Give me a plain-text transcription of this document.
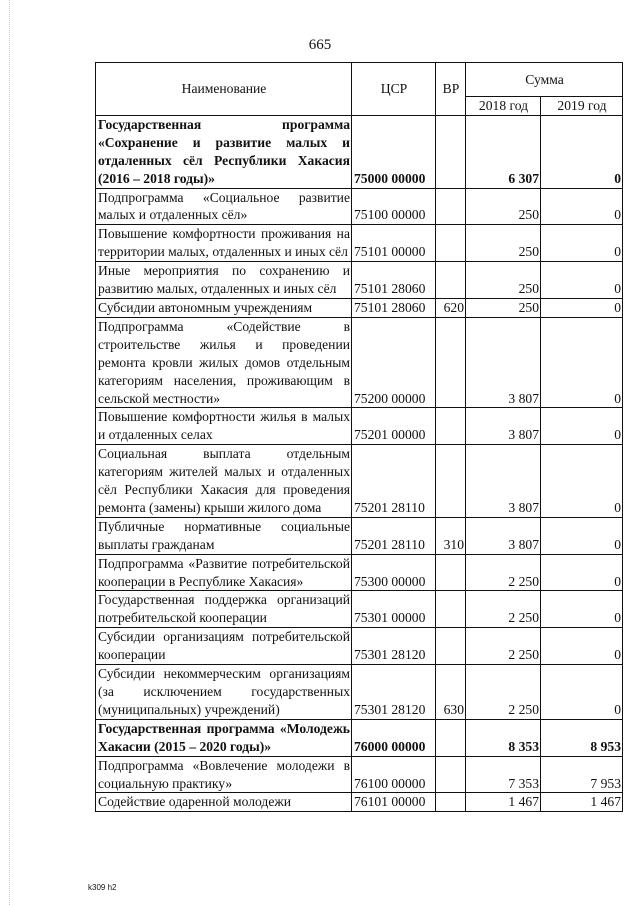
665
Наименование	ЦСР	ВР	Сумма	
			2018 год	2019 год
Государственная программа «Сохранение и развитие малых и отдаленных сёл Республики Хакасия (2016 – 2018 годы)»	75000 00000		6 307	0
Подпрограмма «Социальное развитие малых и отдаленных сёл»	75100 00000		250	0
Повышение комфортности проживания на территории малых, отдаленных и иных сёл	75101 00000		250	0
Иные мероприятия по сохранению и развитию малых, отдаленных и иных сёл	75101 28060		250	0
Субсидии автономным учреждениям	75101 28060	620	250	0
Подпрограмма «Содействие в строительстве жилья и проведении ремонта кровли жилых домов отдельным категориям населения, проживающим в сельской местности»	75200 00000		3 807	0
Повышение комфортности жилья в малых и отдаленных селах	75201 00000		3 807	0
Социальная выплата отдельным категориям жителей малых и отдаленных сёл Республики Хакасия для проведения ремонта (замены) крыши жилого дома	75201 28110		3 807	0
Публичные нормативные социальные выплаты гражданам	75201 28110	310	3 807	0
Подпрограмма «Развитие потребительской кооперации в Республике Хакасия»	75300 00000		2 250	0
Государственная поддержка организаций потребительской кооперации	75301 00000		2 250	0
Субсидии организациям потребительской кооперации	75301 28120		2 250	0
Субсидии некоммерческим организациям (за исключением государственных (муниципальных) учреждений)	75301 28120	630	2 250	0
Государственная программа «Молодежь Хакасии (2015 – 2020 годы)»	76000 00000		8 353	8 953
Подпрограмма «Вовлечение молодежи в социальную практику»	76100 00000		7 353	7 953
Содействие одаренной молодежи	76101 00000		1 467	1 467
k309 h2
